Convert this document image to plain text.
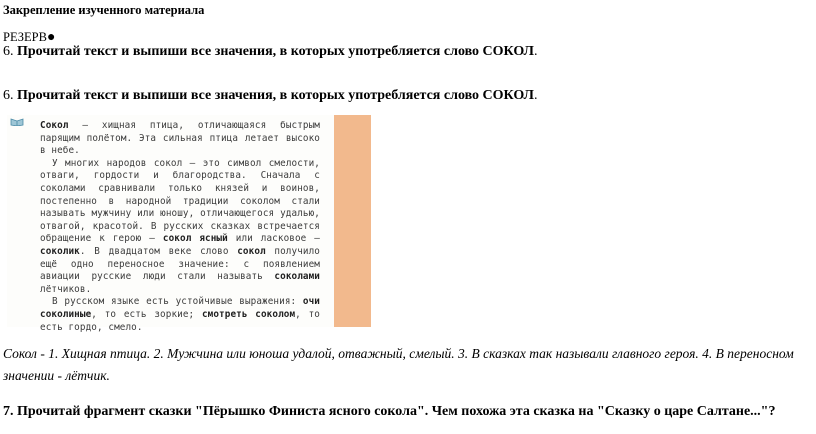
Закрепление изученного материала
РЕЗЕРВ●
6. Прочитай текст и выпиши все значения, в которых употребляется слово СОКОЛ.
6. Прочитай текст и выпиши все значения, в которых употребляется слово СОКОЛ.

Сокол — хищная птица, отличающаяся быстрым парящим полётом. Эта сильная птица летает высоко в небе.

У многих народов сокол — это символ смелости, отваги, гордости и благородства. Сначала с соколами сравнивали только князей и воинов, постепенно в народной традиции соколом стали называть мужчину или юношу, отличающегося удалью, отвагой, красотой. В русских сказках встречается обращение к герою — сокол ясный или ласковое — соколик. В двадцатом веке слово сокол получило ещё одно переносное значение: с появлением авиации русские люди стали называть соколами лётчиков.

В русском языке есть устойчивые выражения: очи соколиные, то есть зоркие; смотреть соколом, то есть гордо, смело.

Сокол - 1. Хищная птица. 2. Мужчина или юноша удалой, отважный, смелый. 3. В сказках так называли главного героя. 4. В переносном значении - лётчик.
7. Прочитай фрагмент сказки "Пёрышко Финиста ясного сокола". Чем похожа эта сказка на "Сказку о царе Салтане..."?
